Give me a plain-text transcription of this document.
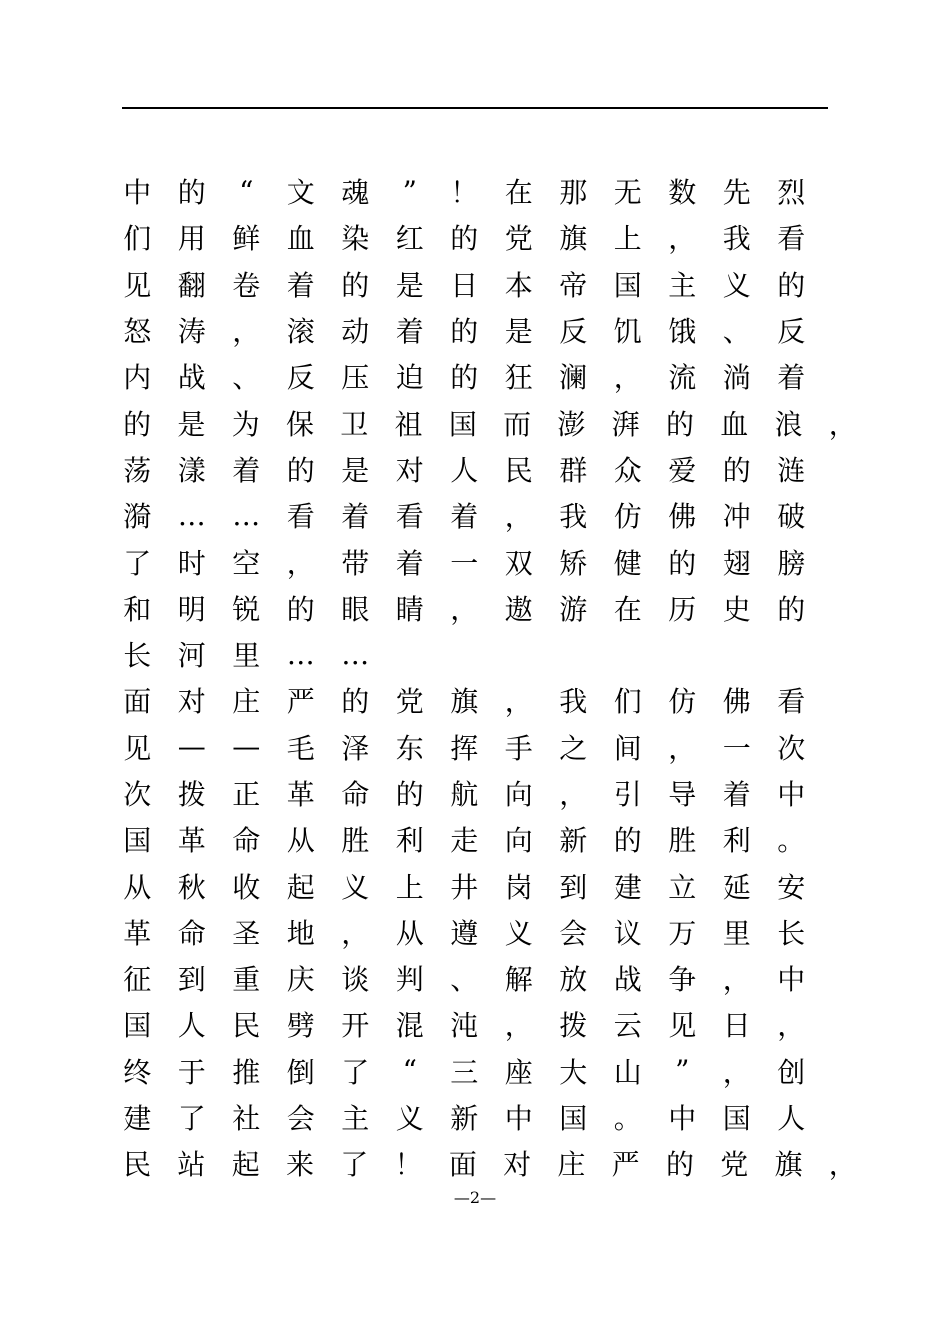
中 的	“	文 魂	”	！ 在 那 无 数 先 烈
们 用 鲜 血 染 红 的 党 旗 上 ， 我 看
见 翻 卷 着 的 是 日 本 帝 国 主 义 的
怒 涛 ， 滚 动 着 的 是 反 饥 饿 、 反
内 战 、 反 压 迫 的 狂 澜 ， 流 淌 着
的 是 为 保 卫 祖 国 而 澎 湃 的 血 浪 ，
荡 漾 着 的 是 对 人 民 群 众 爱 的 涟
漪 … … 看 着 看 着 ， 我 仿 佛 冲 破
了 时 空 ， 带 着 一 双 矫 健 的 翅 膀
和 明 锐 的 眼 睛 ， 遨 游 在 历 史 的
长 河 里 … …
面 对 庄 严 的 党 旗 ， 我 们 仿 佛 看
见 — — 毛 泽 东 挥 手 之 间 ， 一 次
次 拨 正 革 命 的 航 向 ， 引 导 着 中
国 革 命 从 胜 利 走 向 新 的 胜 利 。
从 秋 收 起 义 上 井 岗 到 建 立 延 安
革 命 圣 地 ， 从 遵 义 会 议 万 里 长
征 到 重 庆 谈 判 、 解 放 战 争 ， 中
国 人 民 劈 开 混 沌 ， 拨 云 见 日 ，
终 于 推 倒 了	“	三 座 大 山	”	， 创
建 了 社 会 主 义 新 中 国 。 中 国 人
民 站 起 来 了 ！ 面 对 庄 严 的 党 旗 ，
—2—
